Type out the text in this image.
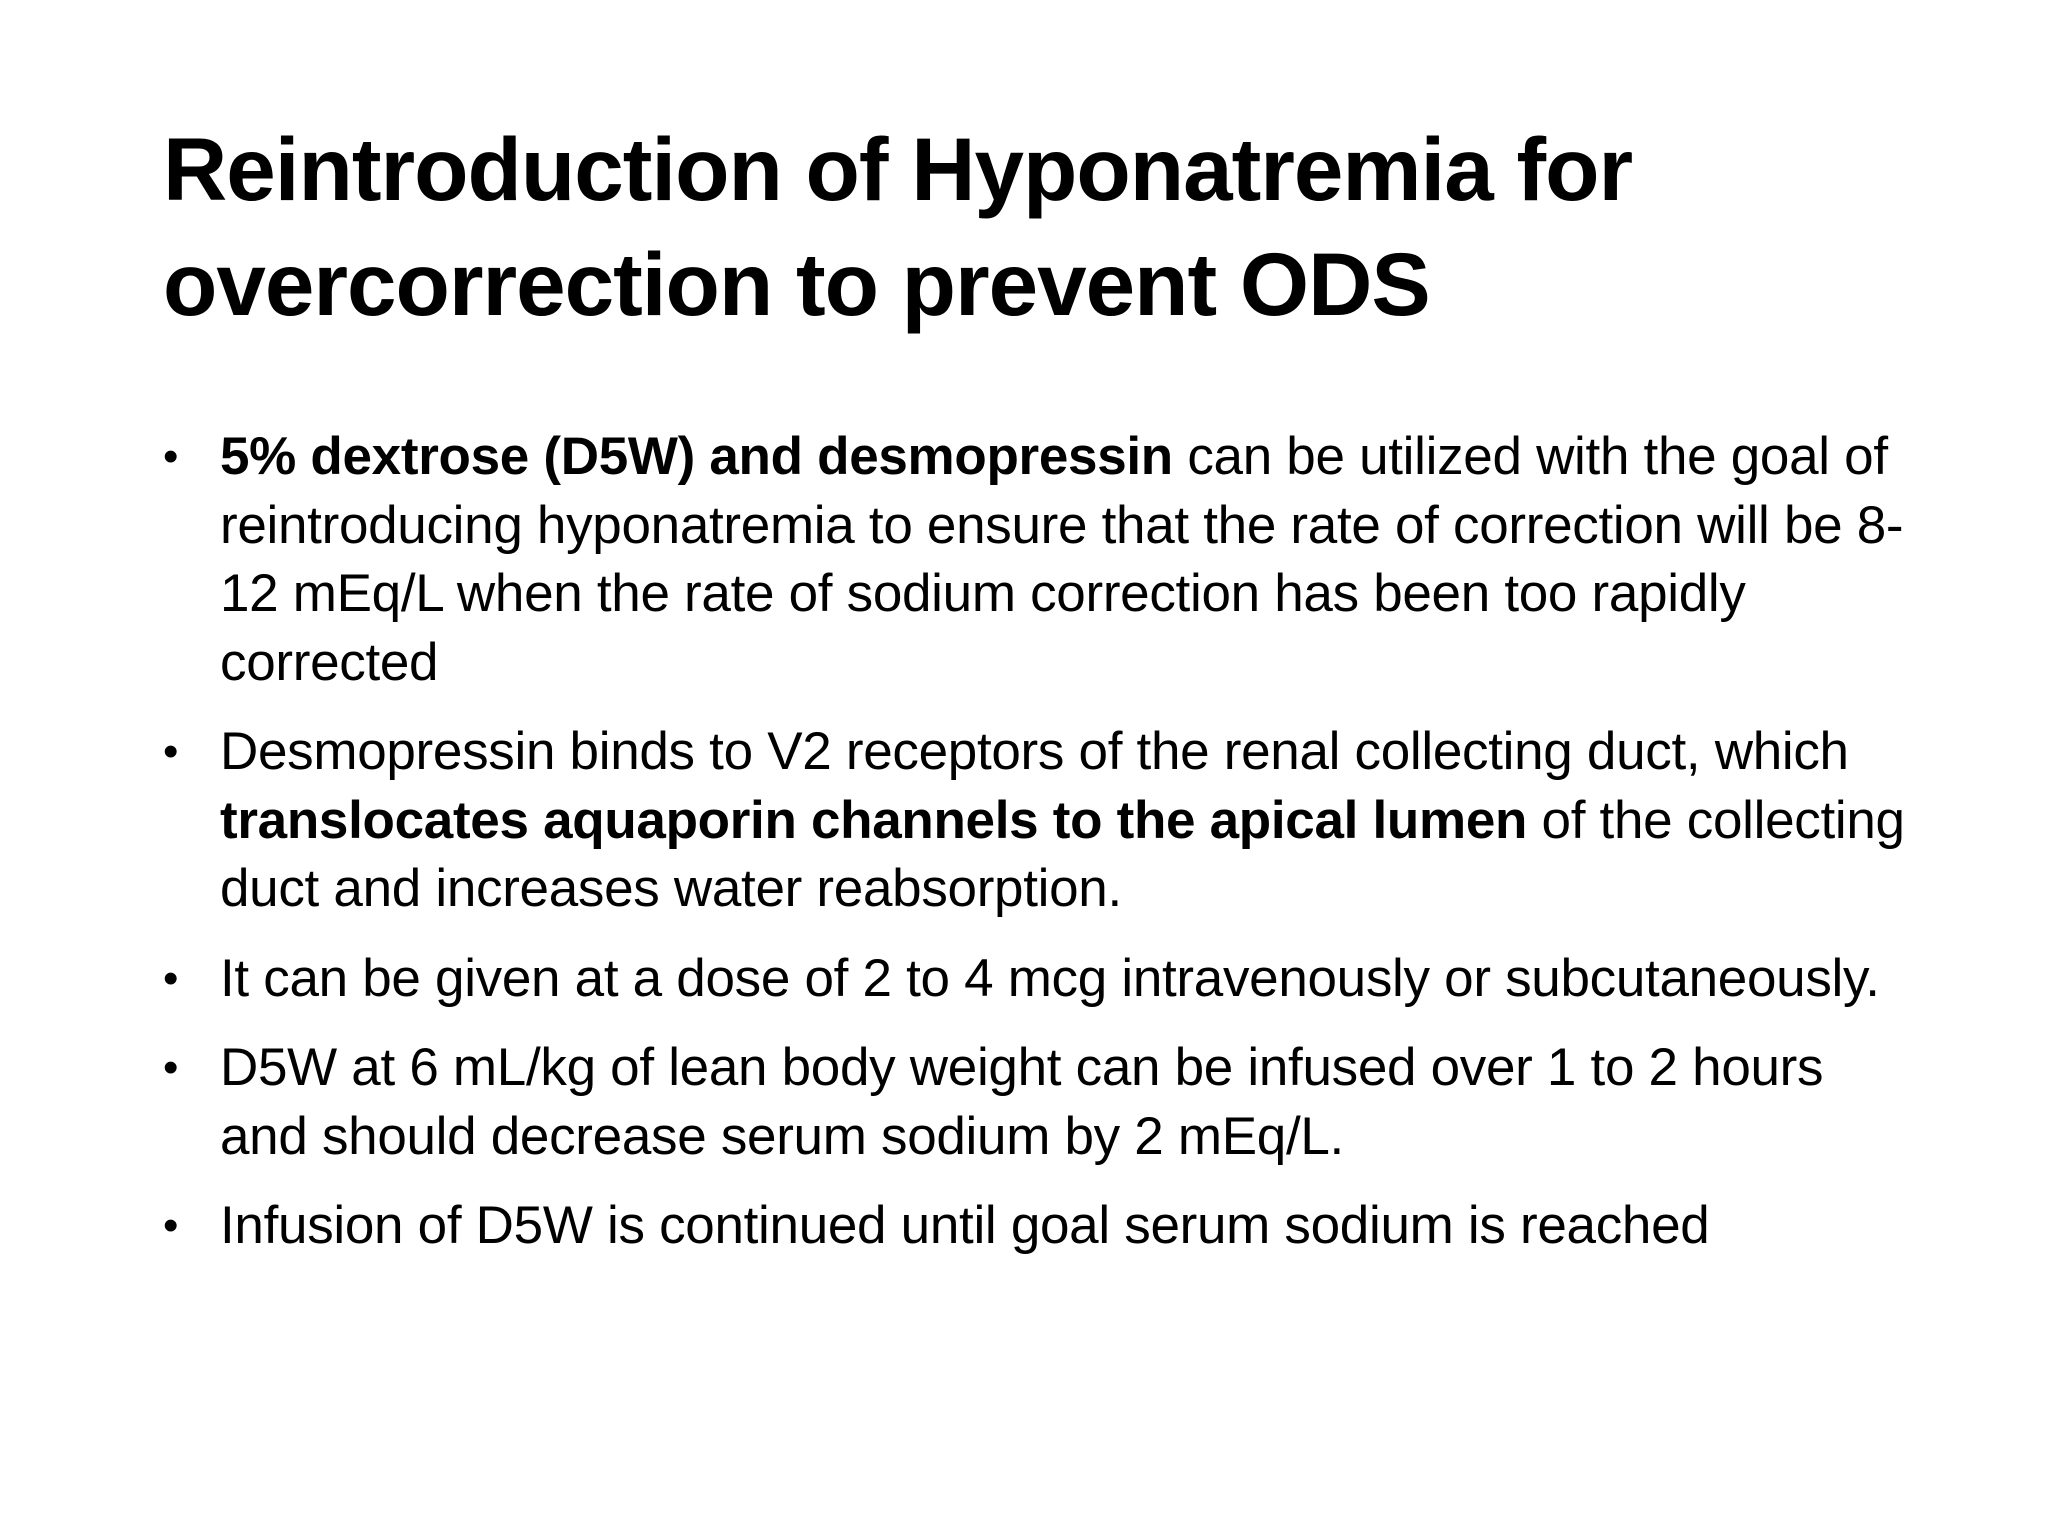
Reintroduction of Hyponatremia for overcorrection to prevent ODS
• 5% dextrose (D5W) and desmopressin can be utilized with the goal of reintroducing hyponatremia to ensure that the rate of correction will be 8-12 mEq/L when the rate of sodium correction has been too rapidly corrected
• Desmopressin binds to V2 receptors of the renal collecting duct, which translocates aquaporin channels to the apical lumen of the collecting duct and increases water reabsorption.
• It can be given at a dose of 2 to 4 mcg intravenously or subcutaneously.
• D5W at 6 mL/kg of lean body weight can be infused over 1 to 2 hours and should decrease serum sodium by 2 mEq/L.
• Infusion of D5W is continued until goal serum sodium is reached
